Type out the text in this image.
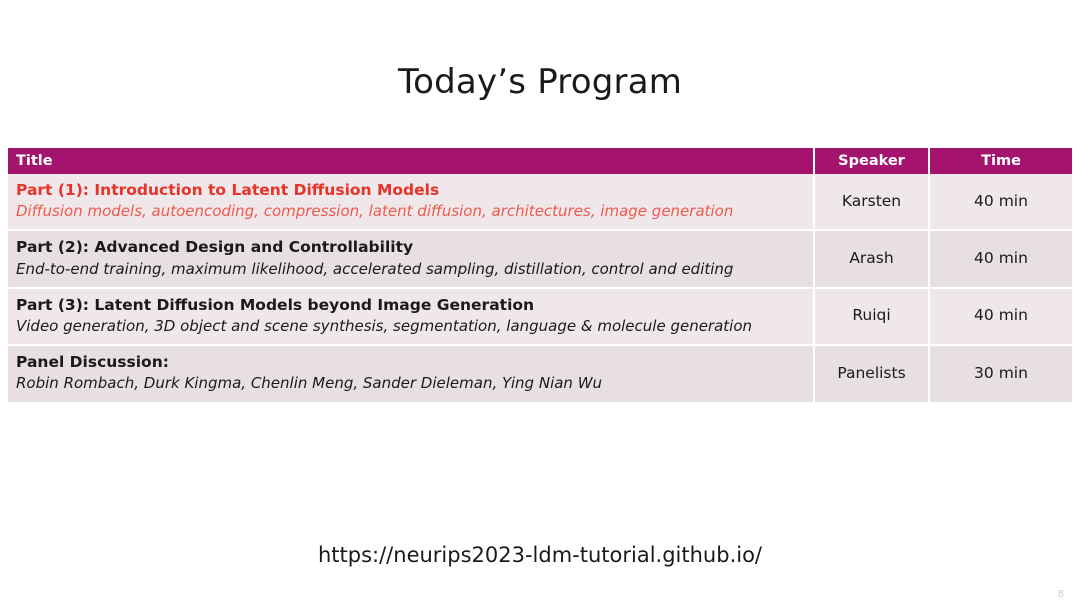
Today’s Program
Title	Speaker	Time

Part (1): Introduction to Latent Diffusion Models
Diffusion models, autoencoding, compression, latent diffusion, architectures, image generation	Karsten	40 min

Part (2): Advanced Design and Controllability
End-to-end training, maximum likelihood, accelerated sampling, distillation, control and editing	Arash	40 min

Part (3): Latent Diffusion Models beyond Image Generation
Video generation, 3D object and scene synthesis, segmentation, language & molecule generation	Ruiqi	40 min

Panel Discussion:
Robin Rombach, Durk Kingma, Chenlin Meng, Sander Dieleman, Ying Nian Wu	Panelists	30 min
https://neurips2023-ldm-tutorial.github.io/
8
